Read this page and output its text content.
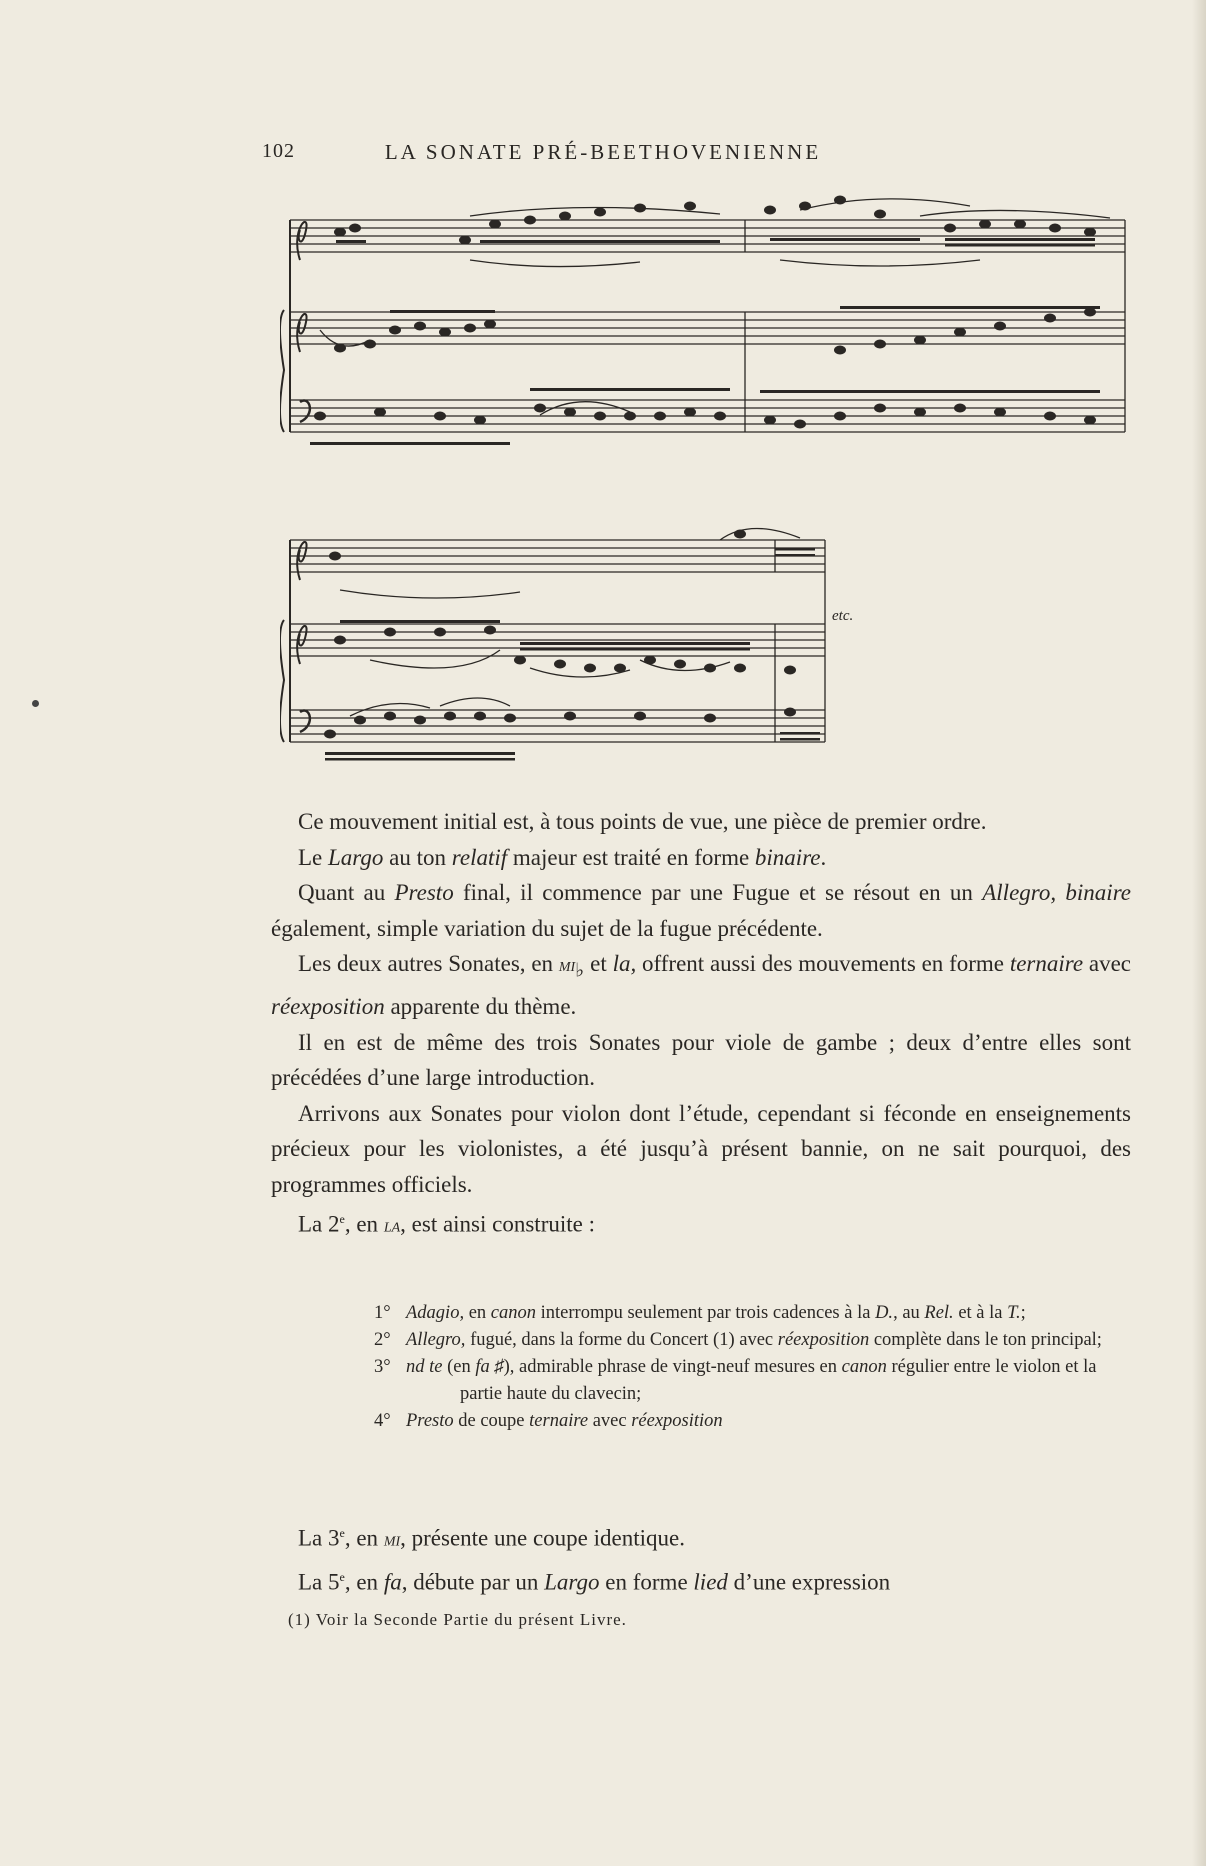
102	LA SONATE PRÉ-BEETHOVENIENNE
etc.

Ce mouvement initial est, à tous points de vue, une pièce de premier ordre.

Le Largo au ton relatif majeur est traité en forme binaire.

Quant au Presto final, il commence par une Fugue et se résout en un Allegro, binaire également, simple variation du sujet de la fugue précédente.

Les deux autres Sonates, en $mi_♭$ et la, offrent aussi des mouvements en forme ternaire avec réexposition apparente du thème.

Il en est de même des trois Sonates pour viole de gambe ; deux d’entre elles sont précédées d’une large introduction.

Arrivons aux Sonates pour violon dont l’étude, cependant si féconde en enseignements précieux pour les violonistes, a été jusqu’à présent bannie, on ne sait pourquoi, des programmes officiels.

La 2e, en la, est ainsi construite :

1° Adagio, en canon interrompu seulement par trois cadences à la D., au Rel. et à la T.;

2° Allegro, fugué, dans la forme du Concert (1) avec réexposition complète dans le ton principal;

3° nd te (en fa ♯), admirable phrase de vingt-neuf mesures en canon régulier entre le violon et la partie haute du clavecin;

4° Presto de coupe ternaire avec réexposition

La 3e, en mi, présente une coupe identique.

La 5e, en fa, débute par un Largo en forme lied d’une expression

(1) Voir la Seconde Partie du présent Livre.
